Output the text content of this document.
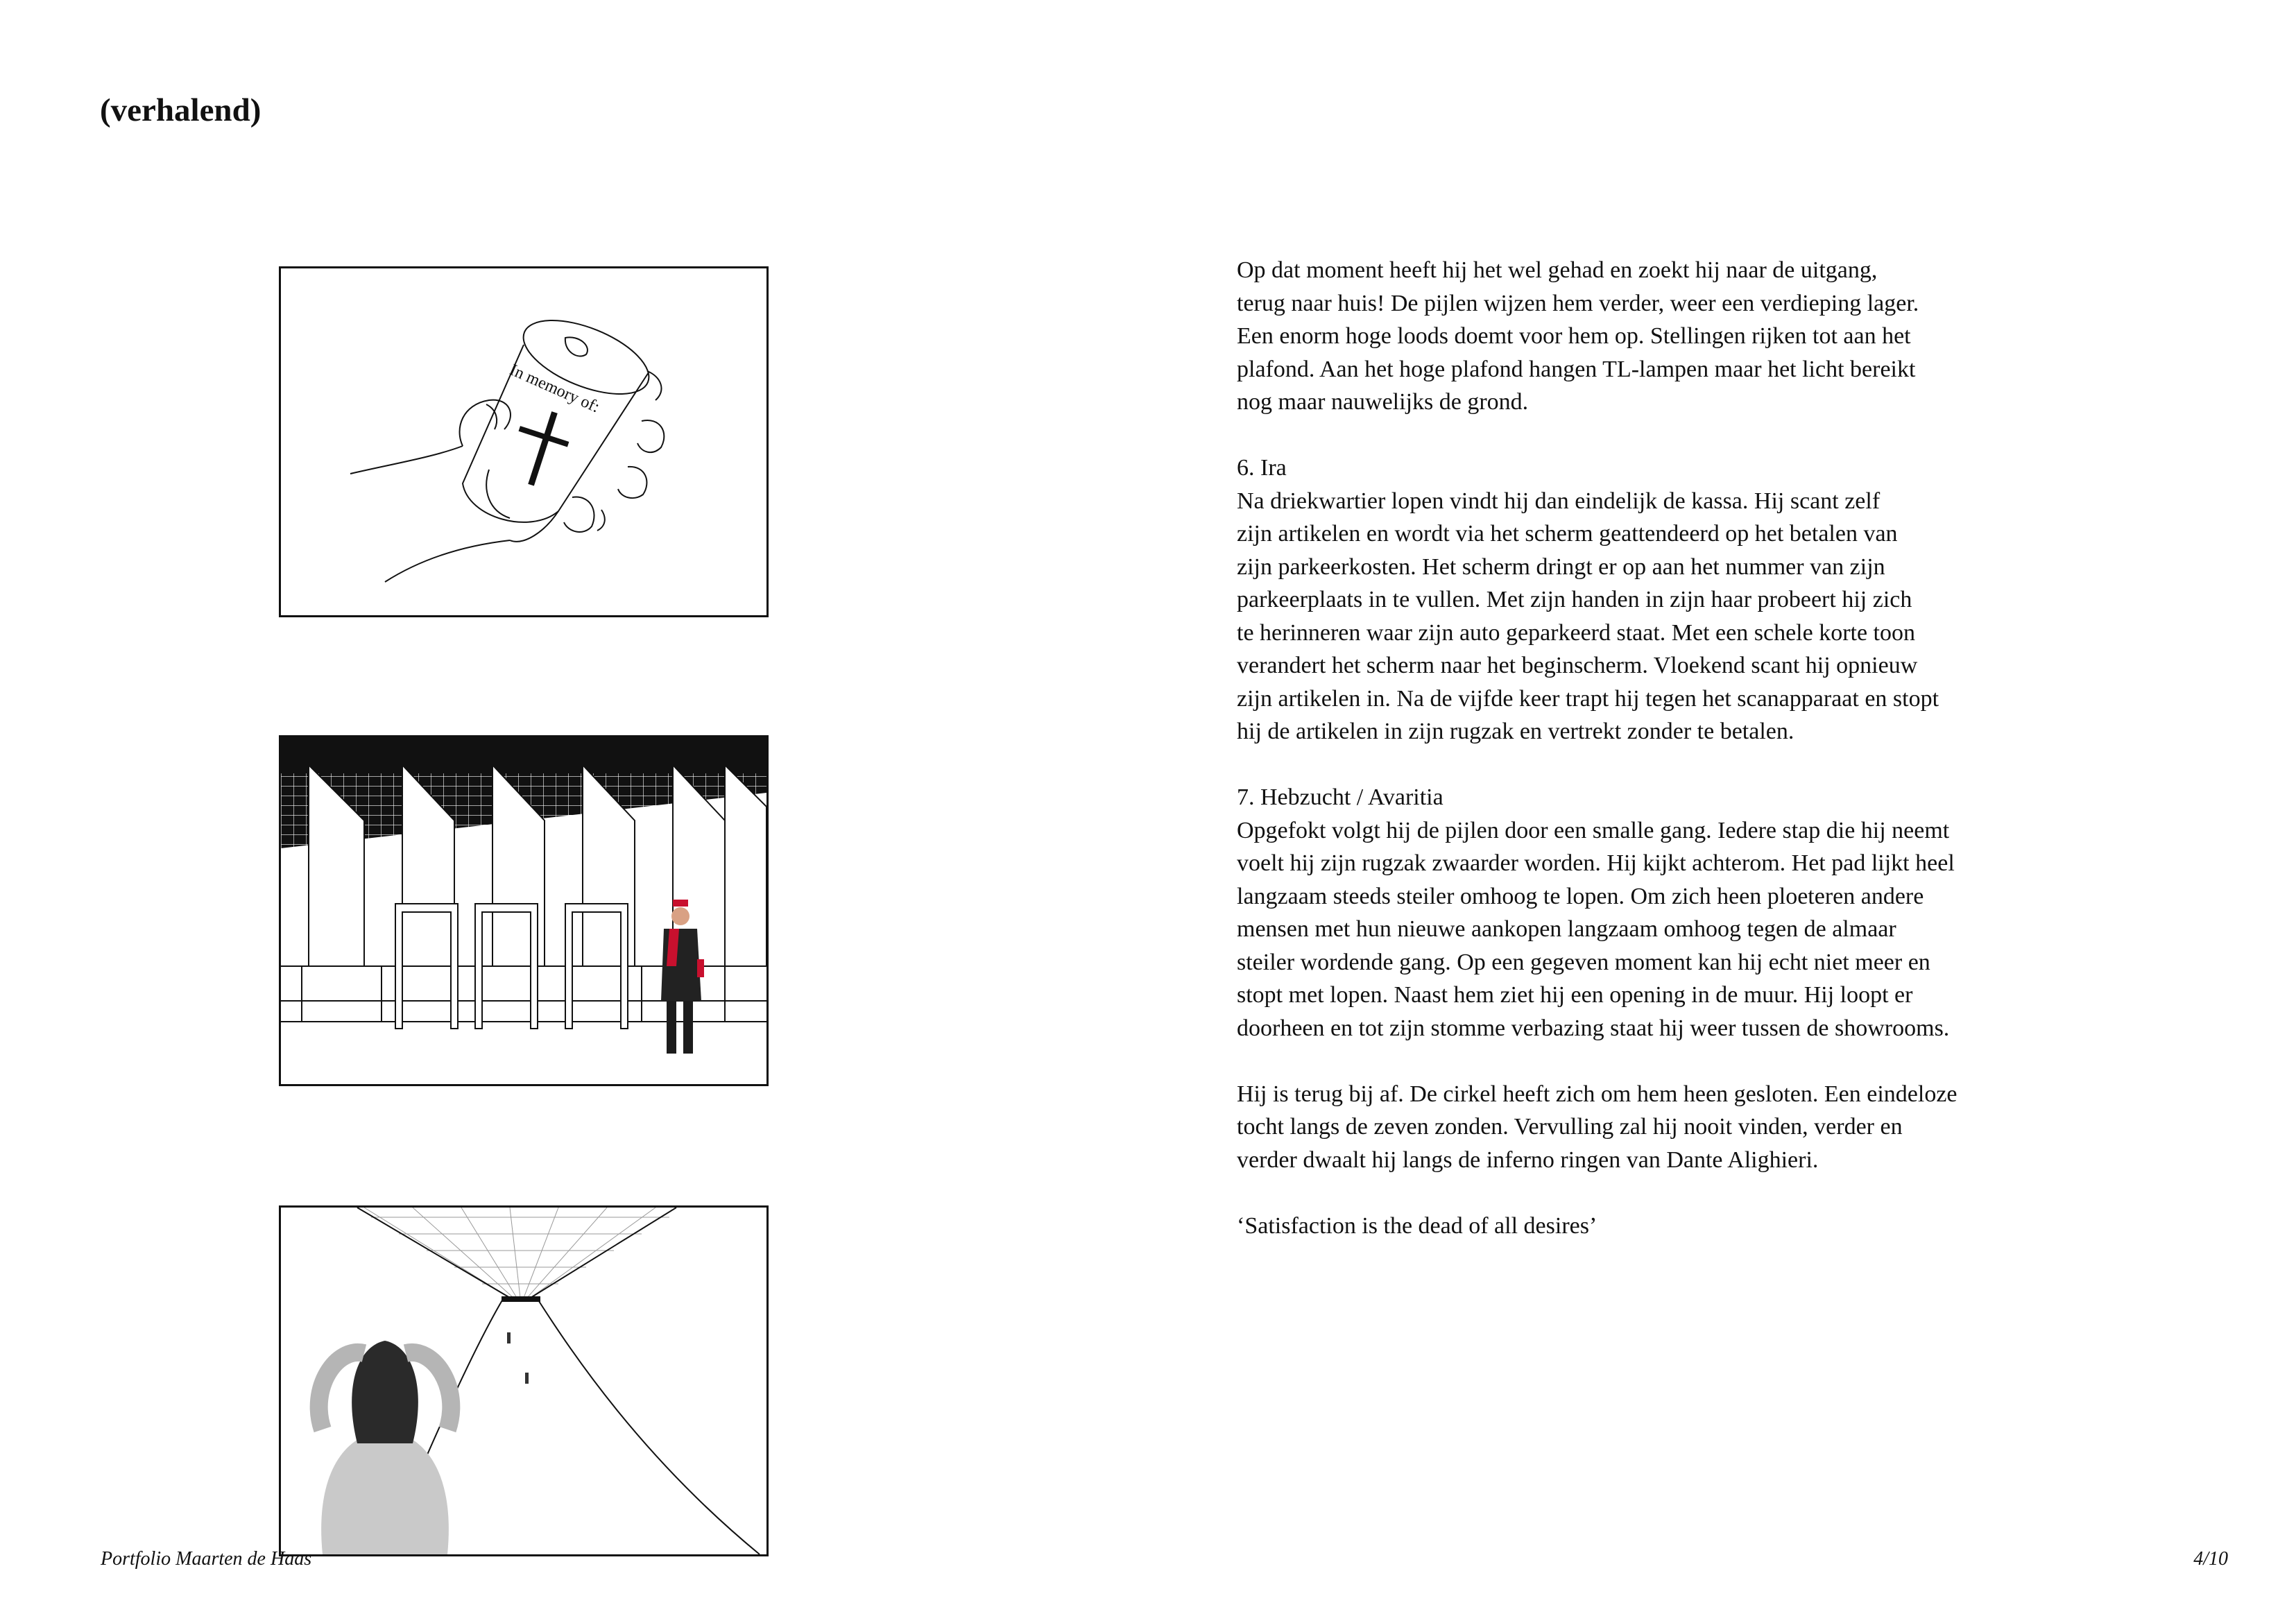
(verhalend)
In memory of:

Op dat moment heeft hij het wel gehad en zoekt hij naar de uitgang,
terug naar huis! De pijlen wijzen hem verder, weer een verdieping lager.
Een enorm hoge loods doemt voor hem op. Stellingen rijken tot aan het
plafond. Aan het hoge plafond hangen TL-lampen maar het licht bereikt
nog maar nauwelijks de grond.

6. Ira
Na driekwartier lopen vindt hij dan eindelijk de kassa. Hij scant zelf
zijn artikelen en wordt via het scherm geattendeerd op het betalen van
zijn parkeerkosten. Het scherm dringt er op aan het nummer van zijn
parkeerplaats in te vullen. Met zijn handen in zijn haar probeert hij zich
te herinneren waar zijn auto geparkeerd staat. Met een schele korte toon
verandert het scherm naar het beginscherm. Vloekend scant hij opnieuw
zijn artikelen in. Na de vijfde keer trapt hij tegen het scanapparaat en stopt
hij de artikelen in zijn rugzak en vertrekt zonder te betalen.

7. Hebzucht / Avaritia
Opgefokt volgt hij de pijlen door een smalle gang. Iedere stap die hij neemt
voelt hij zijn rugzak zwaarder worden. Hij kijkt achterom. Het pad lijkt heel
langzaam steeds steiler omhoog te lopen. Om zich heen ploeteren andere
mensen met hun nieuwe aankopen langzaam omhoog tegen de almaar
steiler wordende gang. Op een gegeven moment kan hij echt niet meer en
stopt met lopen. Naast hem ziet hij een opening in de muur. Hij loopt er
doorheen en tot zijn stomme verbazing staat hij weer tussen de showrooms.

Hij is terug bij af. De cirkel heeft zich om hem heen gesloten. Een eindeloze
tocht langs de zeven zonden. Vervulling zal hij nooit vinden, verder en
verder dwaalt hij langs de inferno ringen van Dante Alighieri.

‘Satisfaction is the dead of all desires’

Portfolio Maarten de Haas	4/10
